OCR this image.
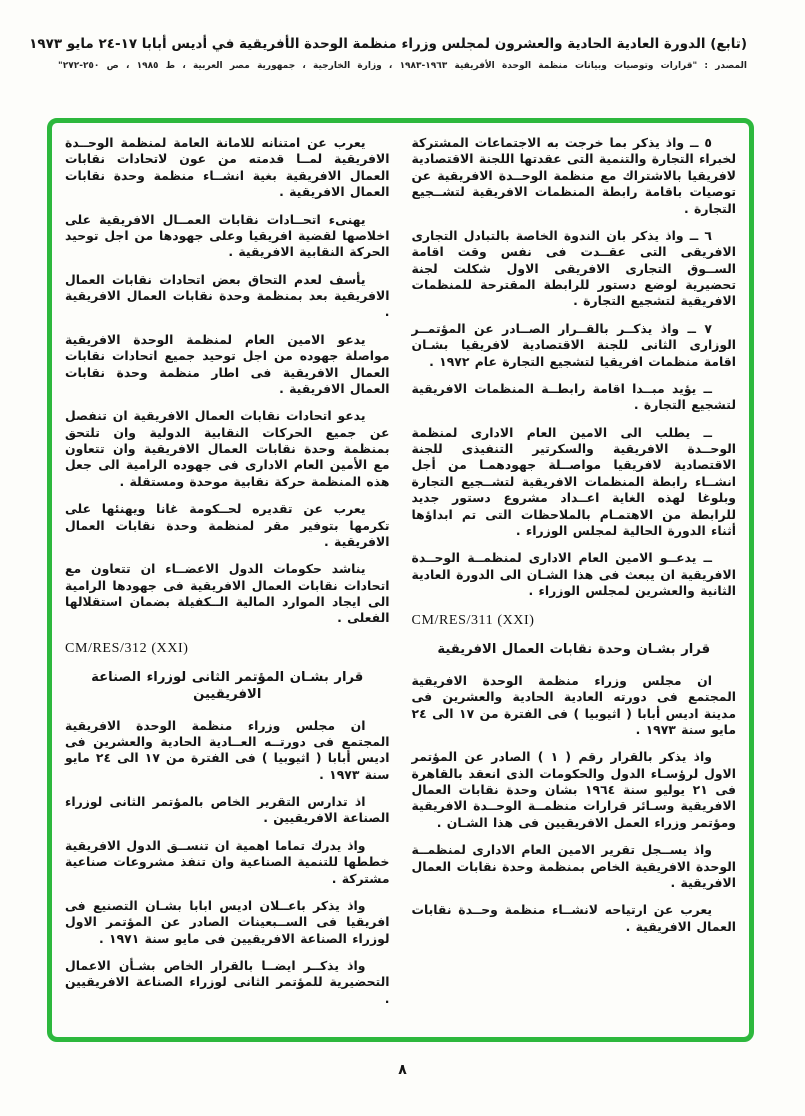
(تابع) الدورة العادية الحادية والعشرون لمجلس وزراء منظمة الوحدة الأفريقية في أديس أبابا ١٧-٢٤ مايو ١٩٧٣
المصدر : "قرارات وتوصيات وبيانات منظمة الوحدة الأفريقية ١٩٦٣-١٩٨٣ ، وزارة الخارجية ، جمهورية مصر العربية ، ط ١٩٨٥ ، ص ٢٥٠-٢٧٢"

٥ ــ واذ يذكر بما خرجت به الاجتماعات المشتركة لخبراء التجارة والتنمية التى عقدتها اللجنة الاقتصادية لافريقيا بالاشتراك مع منظمة الوحــدة الافريقية عن توصيات باقامة رابطة المنظمات الافريقية لتشــجيع التجارة .

٦ ــ واذ يذكر بان الندوة الخاصة بالتبادل التجارى الافريقى التى عقــدت فى نفس وقت اقامة الســوق التجارى الافريقى الاول شكلت لجنة تحضيرية لوضع دستور للرابطة المقترحة للمنظمات الافريقية لتشجيع التجارة .

٧ ــ واذ يذكــر بالقــرار الصــادر عن المؤتمــر الوزارى الثانى للجنة الاقتصادية لافريقيا بشـان اقامة منظمات افريقيا لتشجيع التجارة عام ١٩٧٢ .

ــ يؤيد مبــدا اقامة رابطــة المنظمات الافريقية لتشجيع التجارة .

ــ يطلب الى الامين العام الادارى لمنظمة الوحــدة الافريقية والسكرتير التنفيذى للجنة الاقتصادية لافريقيا مواصــلة جهودهمـا من أجل انشــاء رابطة المنظمات الافريقية لتشــجيع التجارة وبلوغا لهذه الغاية اعــداد مشروع دستور جديد للرابطة من الاهتمـام بالملاحظات التى تم ابداؤها أثناء الدورة الحالية لمجلس الوزراء .

ــ يدعــو الامين العام الادارى لمنظمــة الوحــدة الافريقية ان يبعث فى هذا الشـان الى الدورة العادية الثانية والعشرين لمجلس الوزراء .

CM/RES/311 (XXI)

قرار بشـان وحدة نقابات العمال الافريقية

ان مجلس وزراء منظمة الوحدة الافريقية المجتمع فى دورته العادية الحادية والعشرين فى مدينة اديس أبابا ( اثيوبيا ) فى الفترة من ١٧ الى ٢٤ مايو سنة ١٩٧٣ .

واذ يذكر بالقرار رقم ( ١ ) الصادر عن المؤتمر الاول لرؤسـاء الدول والحكومات الذى انعقد بالقاهرة فى ٢١ يوليو سنة ١٩٦٤ بشان وحدة نقابات العمال الافريقية وسـائر قرارات منظمــة الوحــدة الافريقية ومؤتمر وزراء العمل الافريقيين فى هذا الشـان .

واذ يســجل تقرير الامين العام الادارى لمنظمــة الوحدة الافريقية الخاص بمنظمة وحدة نقابات العمال الافريقية .

يعرب عن ارتياحه لانشــاء منظمة وحــدة نقابات العمال الافريقية .

يعرب عن امتنانه للامانة العامة لمنظمة الوحــدة الافريقية لمــا قدمته من عون لاتحادات نقابات العمال الافريقية بغية انشــاء منظمة وحدة نقابات العمال الافريقية .

يهنىء اتحــادات نقابات العمــال الافريقية على اخلاصها لقضية افريقيا وعلى جهودها من اجل توحيد الحركة النقابية الافريقية .

يأسف لعدم التحاق بعض اتحادات نقابات العمال الافريقية بعد بمنظمة وحدة نقابات العمال الافريقية .

يدعو الامين العام لمنظمة الوحدة الافريقية مواصلة جهوده من اجل توحيد جميع اتحادات نقابات العمال الافريقية فى اطار منظمة وحدة نقابات العمال الافريقية .

يدعو اتحادات نقابات العمال الافريقية ان تنفصل عن جميع الحركات النقابية الدولية وان تلتحق بمنظمة وحدة نقابات العمال الافريقية وان تتعاون مع الأمين العام الادارى فى جهوده الرامية الى جعل هذه المنظمة حركة نقابية موحدة ومستقلة .

يعرب عن تقديره لحــكومة غانا ويهنئها على تكرمها بتوفير مقر لمنظمة وحدة نقابات العمال الافريقية .

يناشد حكومات الدول الاعضــاء ان تتعاون مع اتحادات نقابات العمال الافريقية فى جهودها الرامية الى ايجاد الموارد المالية الــكفيلة بضمان استقلالها الفعلى .

CM/RES/312 (XXI)

قرار بشـان المؤتمر الثانى لوزراء الصناعة الافريقيين

ان مجلس وزراء منظمة الوحدة الافريقية المجتمع فى دورتــه العــادية الحادية والعشرين فى اديس أبابا ( اثيوبيا ) فى الفترة من ١٧ الى ٢٤ مايو سنة ١٩٧٣ .

اذ تدارس التقرير الخاص بالمؤتمر الثانى لوزراء الصناعة الافريقيين .

واذ يدرك تماما اهمية ان تنســق الدول الافريقية خططها للتنمية الصناعية وان تنفذ مشروعات صناعية مشتركة .

واذ يذكر باعــلان اديس ابابا بشـان التصنيع فى افريقيا فى الســبعينات الصادر عن المؤتمر الاول لوزراء الصناعة الافريقيين فى مايو سنة ١٩٧١ .

واذ يذكــر ايضــا بالقرار الخاص بشـأن الاعمال التحضيرية للمؤتمر الثانى لوزراء الصناعة الافريقيين .

٨
